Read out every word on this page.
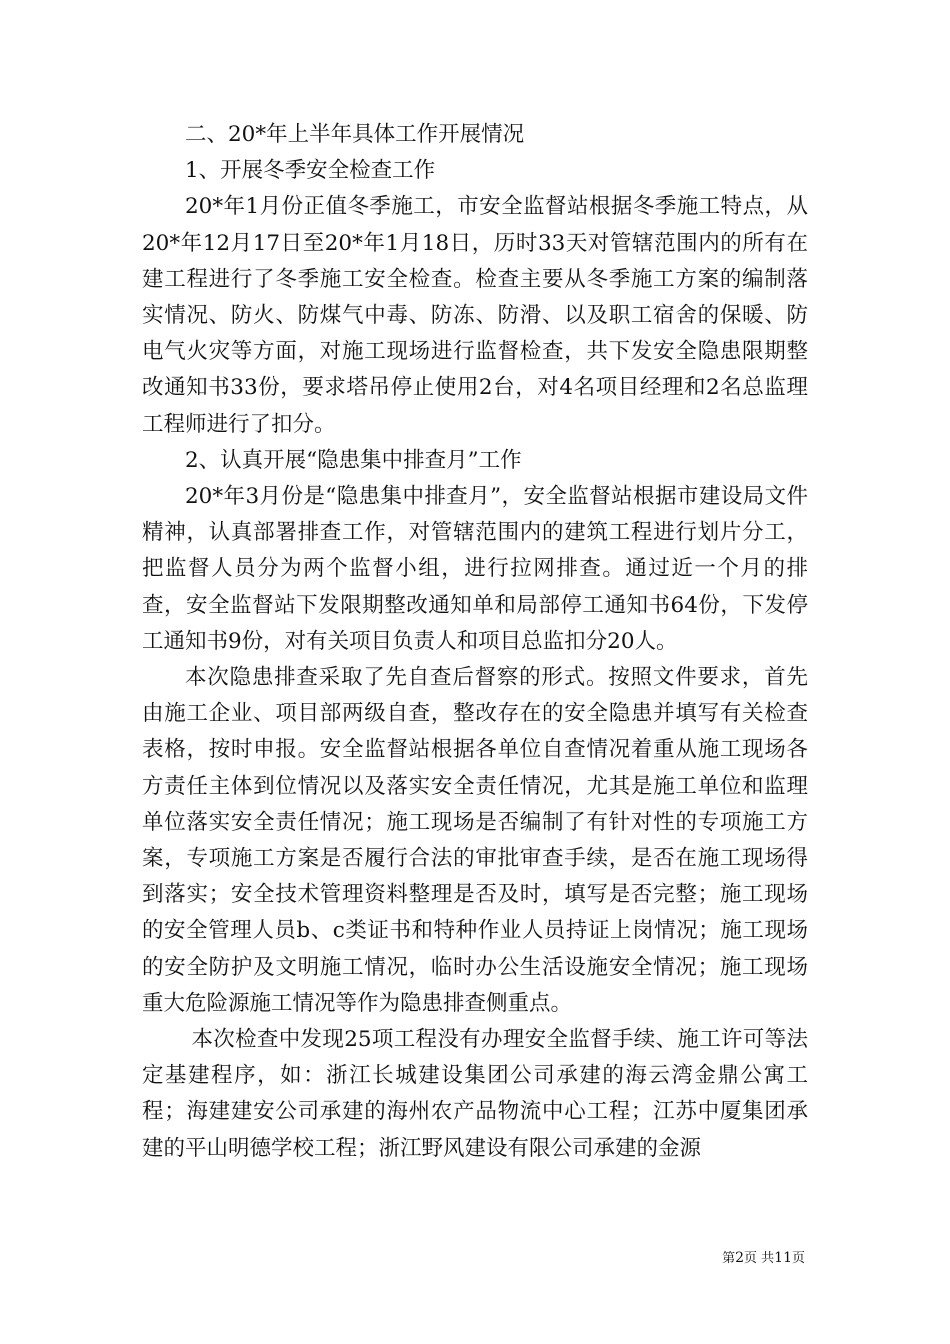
二、20*年上半年具体工作开展情况

1、开展冬季安全检查工作

20*年1月份正值冬季施工，市安全监督站根据冬季施工特点，从20*年12月17日至20*年1月18日，历时33天对管辖范围内的所有在建工程进行了冬季施工安全检查。检查主要从冬季施工方案的编制落实情况、防火、防煤气中毒、防冻、防滑、以及职工宿舍的保暖、防电气火灾等方面，对施工现场进行监督检查，共下发安全隐患限期整改通知书33份，要求塔吊停止使用2台，对4名项目经理和2名总监理工程师进行了扣分。

2、认真开展“隐患集中排查月”工作

20*年3月份是“隐患集中排查月”，安全监督站根据市建设局文件精神，认真部署排查工作，对管辖范围内的建筑工程进行划片分工，把监督人员分为两个监督小组，进行拉网排查。通过近一个月的排查，安全监督站下发限期整改通知单和局部停工通知书64份，下发停工通知书9份，对有关项目负责人和项目总监扣分20人。

本次隐患排查采取了先自查后督察的形式。按照文件要求，首先由施工企业、项目部两级自查，整改存在的安全隐患并填写有关检查表格，按时申报。安全监督站根据各单位自查情况着重从施工现场各方责任主体到位情况以及落实安全责任情况，尤其是施工单位和监理单位落实安全责任情况；施工现场是否编制了有针对性的专项施工方案，专项施工方案是否履行合法的审批审查手续，是否在施工现场得到落实；安全技术管理资料整理是否及时，填写是否完整；施工现场的安全管理人员b、c类证书和特种作业人员持证上岗情况；施工现场的安全防护及文明施工情况，临时办公生活设施安全情况；施工现场重大危险源施工情况等作为隐患排查侧重点。

本次检查中发现25项工程没有办理安全监督手续、施工许可等法定基建程序，如：浙江长城建设集团公司承建的海云湾金鼎公寓工程；海建建安公司承建的海州农产品物流中心工程；江苏中厦集团承建的平山明德学校工程；浙江野风建设有限公司承建的金源

第2页 共11页
